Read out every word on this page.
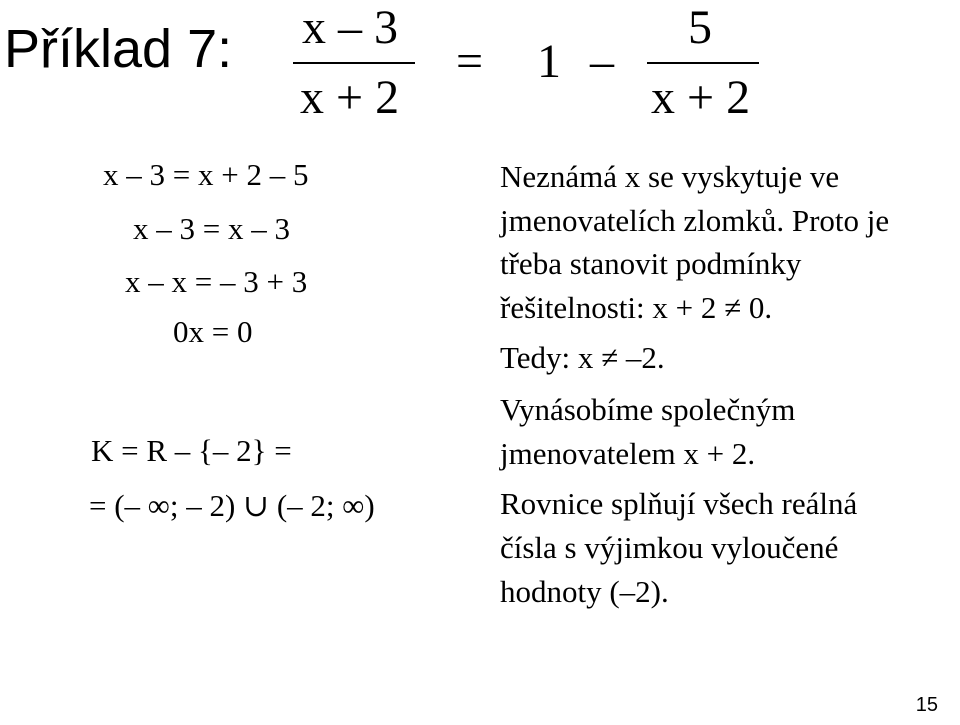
Příklad 7: x – 3
x + 2
= 1 –
5
x + 2
x – 3 = x + 2 – 5
x – 3 = x – 3
x – x = – 3 + 3
0x = 0
K = R – {– 2} =
= (– ∞; – 2) ∪ (– 2; ∞)
Neznámá x se vyskytuje ve
jmenovatelích zlomků. Proto je
třeba stanovit podmínky
řešitelnosti: x + 2 ≠ 0.
Tedy: x ≠ –2.
Vynásobíme společným
jmenovatelem x + 2.
Rovnice splňují všech reálná
čísla s výjimkou vyloučené
hodnoty (–2).
15
